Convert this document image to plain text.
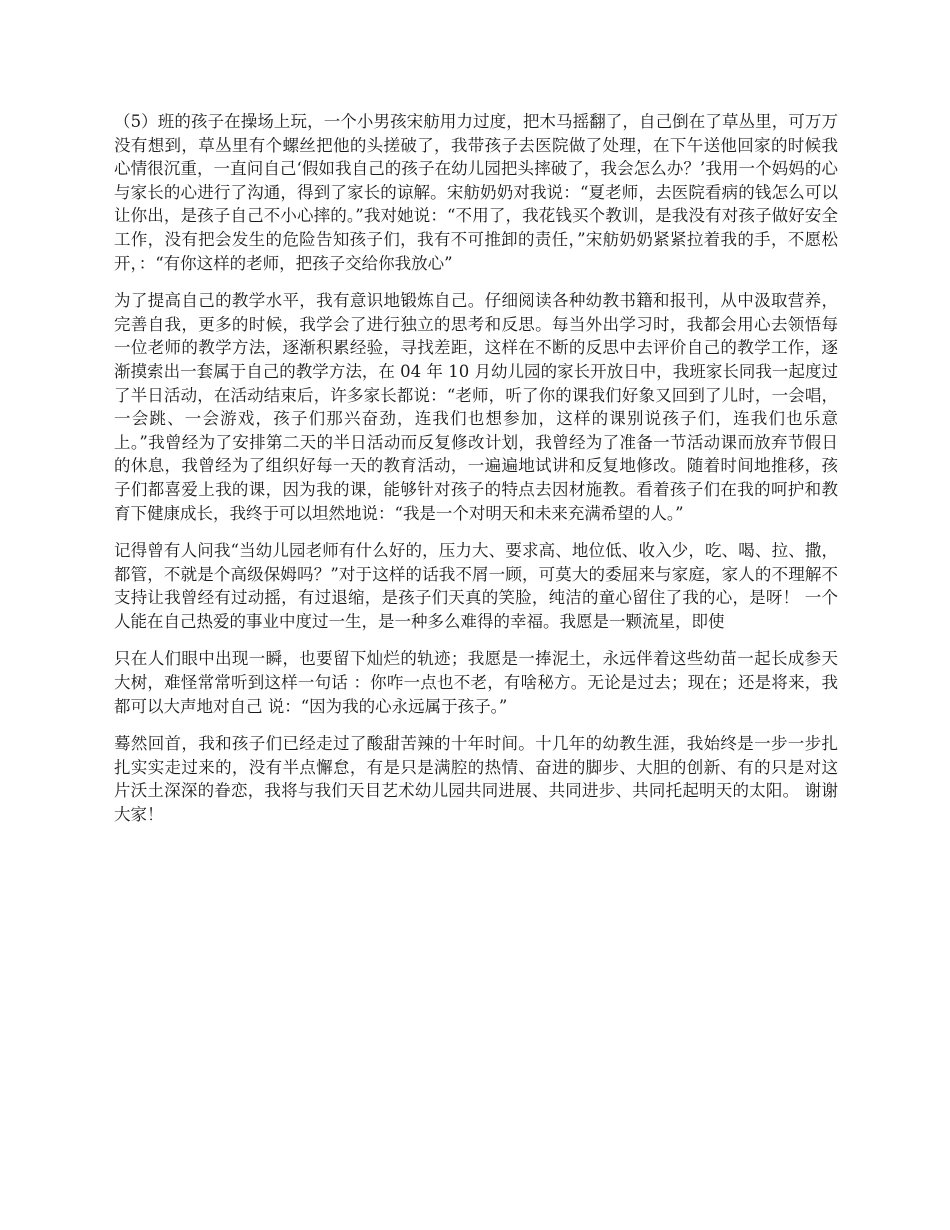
（5）班的孩子在操场上玩，一个小男孩宋舫用力过度，把木马摇翻了，自己倒在了草丛里，可万万没有想到，草丛里有个螺丝把他的头搓破了，我带孩子去医院做了处理，在下午送他回家的时候我心情很沉重，一直问自己‘假如我自己的孩子在幼儿园把头摔破了，我会怎么办？’我用一个妈妈的心与家长的心进行了沟通，得到了家长的谅解。宋舫奶奶对我说：“夏老师，去医院看病的钱怎么可以让你出，是孩子自己不小心摔的。”我对她说：“不用了，我花钱买个教训，是我没有对孩子做好安全工作，没有把会发生的危险告知孩子们，我有不可推卸的责任，”宋舫奶奶紧紧拉着我的手，不愿松开，：“有你这样的老师，把孩子交给你我放心”

为了提高自己的教学水平，我有意识地锻炼自己。仔细阅读各种幼教书籍和报刊，从中汲取营养，完善自我，更多的时候，我学会了进行独立的思考和反思。每当外出学习时，我都会用心去领悟每一位老师的教学方法，逐渐积累经验，寻找差距，这样在不断的反思中去评价自己的教学工作，逐渐摸索出一套属于自己的教学方法，在 04 年 10 月幼儿园的家长开放日中，我班家长同我一起度过了半日活动，在活动结束后，许多家长都说：“老师，听了你的课我们好象又回到了儿时，一会唱，一会跳、一会游戏，孩子们那兴奋劲，连我们也想参加，这样的课别说孩子们，连我们也乐意上。”我曾经为了安排第二天的半日活动而反复修改计划，我曾经为了准备一节活动课而放弃节假日的休息，我曾经为了组织好每一天的教育活动，一遍遍地试讲和反复地修改。随着时间地推移，孩子们都喜爱上我的课，因为我的课，能够针对孩子的特点去因材施教。看着孩子们在我的呵护和教育下健康成长，我终于可以坦然地说：“我是一个对明天和未来充满希望的人。”

记得曾有人问我“当幼儿园老师有什么好的，压力大、要求高、地位低、收入少，吃、喝、拉、撒，都管，不就是个高级保姆吗？”对于这样的话我不屑一顾，可莫大的委屈来与家庭，家人的不理解不支持让我曾经有过动摇，有过退缩，是孩子们天真的笑脸，纯洁的童心留住了我的心，是呀！ 一个人能在自己热爱的事业中度过一生，是一种多么难得的幸福。我愿是一颗流星，即使

只在人们眼中出现一瞬，也要留下灿烂的轨迹；我愿是一捧泥土，永远伴着这些幼苗一起长成参天大树，难怪常常听到这样一句话 ：你咋一点也不老，有啥秘方。无论是过去；现在；还是将来，我都可以大声地对自己 说：“因为我的心永远属于孩子。”

蓦然回首，我和孩子们已经走过了酸甜苦辣的十年时间。十几年的幼教生涯，我始终是一步一步扎扎实实走过来的，没有半点懈怠，有是只是满腔的热情、奋进的脚步、大胆的创新、有的只是对这片沃土深深的眷恋，我将与我们天目艺术幼儿园共同进展、共同进步、共同托起明天的太阳。 谢谢大家！
